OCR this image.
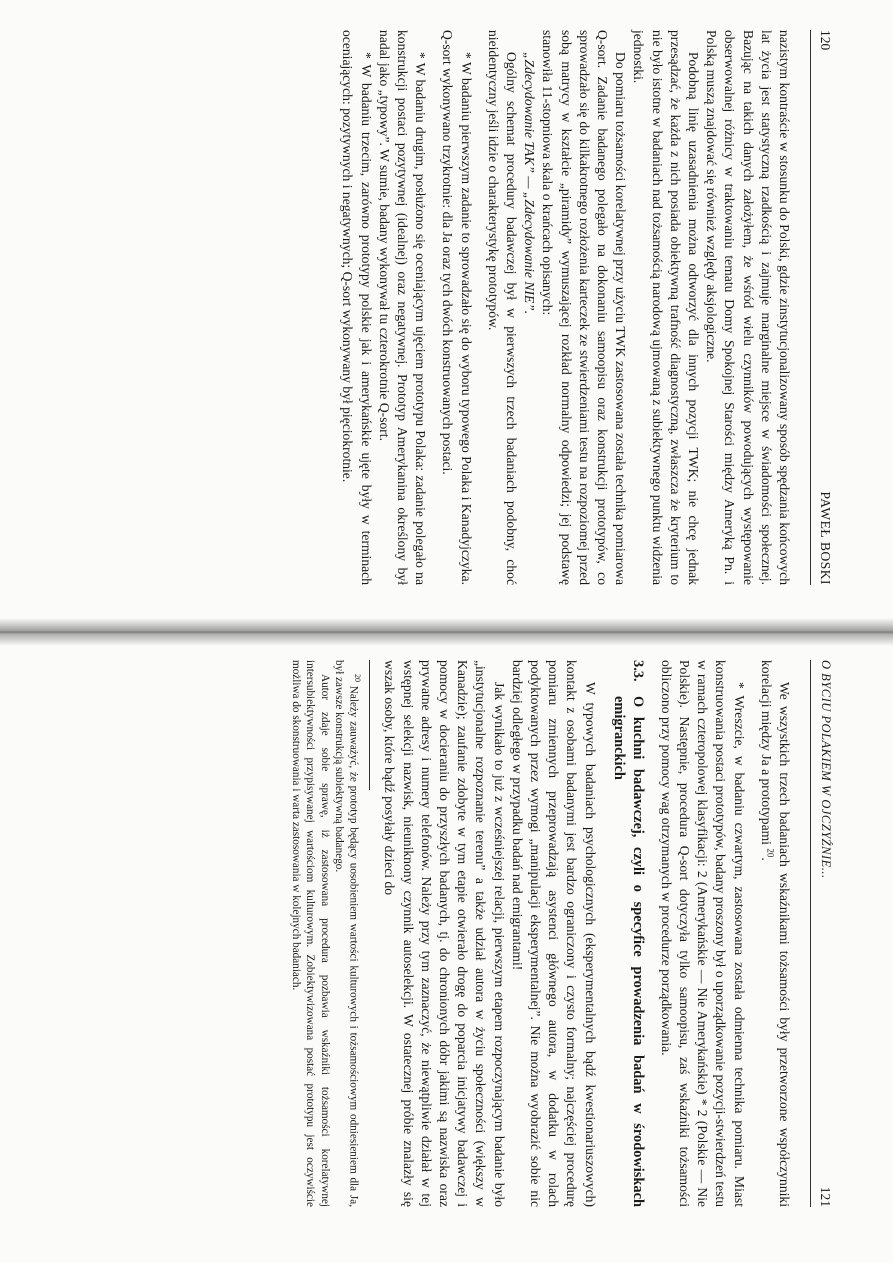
120
PAWEŁ BOSKI

nazistym kontraście w stosunku do Polski, gdzie zinstytucjonalizowany sposób spędzania końcowych lat życia jest statystyczną rzadkością i zajmuje marginalne miejsce w świadomości społecznej. Bazując na takich danych założyłem, że wśród wielu czynników powodujących występowanie obserwowalnej różnicy w traktowaniu tematu Domy Spokojnej Starości między Ameryką Pn. i Polską muszą znajdować się również względy aksjologiczne.

Podobną linię uzasadnienia można odtworzyć dla innych pozycji TWK; nie chcę jednak przesądzać, że każda z nich posiada obiektywną trafność diagnostyczną, zwłaszcza że kryterium to nie było istotne w badaniach nad tożsamością narodową ujmowaną z subiektywnego punktu widzenia jednostki.

Do pomiaru tożsamości korelatywnej przy użyciu TWK zastosowana została technika pomiarowa Q-sort. Zadanie badanego polegało na dokonaniu samoopisu oraz konstrukcji prototypów, co sprowadzało się do kilkakrotnego rozłożenia karteczek ze stwierdzeniami testu na rozpoziomej przed sobą matrycy w kształcie „piramidy” wymuszającej rozkład normalny odpowiedzi; jej podstawę stanowiła 11-stopniowa skala o krańcach opisanych:

„Zdecydowanie TAK” — „Zdecydowanie NIE”.

Ogólny schemat procedury badawczej był w pierwszych trzech badaniach podobny, choć nieidentyczny jeśli idzie o charakterystykę prototypów.

* W badaniu pierwszym zadanie to sprowadzało się do wyboru typowego Polaka i Kanadyjczyka. Q-sort wykonywano trzykrotnie: dla Ja oraz tych dwóch konstruowanych postaci.

* W badaniu drugim, posłużono się oceniającym ujęciem prototypu Polaka: zadanie polegało na konstrukcji postaci pozytywnej (idealnej) oraz negatywnej. Prototyp Amerykanina określony był nadal jako „typowy”. W sumie, badany wykonywał tu czterokrotnie Q-sort.

* W badaniu trzecim, zarówno prototypy polskie jak i amerykańskie ujęte były w terminach oceniających: pozytywnych i negatywnych; Q-sort wykonywany był pięciokrotnie.

O BYCIU POLAKIEM W OJCZYŹNIE...
121

We wszystkich trzech badaniach wskaźnikami tożsamości były przetworzone współczynniki korelacji między Ja a prototypami $^{20}$.

* Wreszcie, w badaniu czwartym, zastosowana została odmienna technika pomiaru. Miast konstruowania postaci prototypów, badany proszony był o uporządkowanie pozycji-stwierdzeń testu w ramach czteropolowej klasyfikacji: 2 (Amerykańskie — Nie Amerykańskie) * 2 (Polskie — Nie Polskie). Następnie, procedura Q-sort dotyczyła tylko samoopisu, zaś wskaźniki tożsamości obliczono przy pomocy wag otrzymanych w procedurze porządkowania.

3.3.O kuchni badawczej, czyli o specyfice prowadzenia badań w środowiskach emigranckich

W typowych badaniach psychologicznych (eksperymentalnych bądź kwestionariuszowych) kontakt z osobami badanymi jest bardzo ograniczony i czysto formalny; najczęściej procedurę pomiaru zmiennych przeprowadzają asystenci głównego autora, w dodatku w rolach podyktowanych przez wymogi „manipulacji eksperymentalnej”. Nie można wyobrazić sobie nic bardziej odległego w przypadku badań nad emigrantami!

Jak wynikało to już z wcześniejszej relacji, pierwszym etapem rozpoczynającym badanie było „instytucjonalne rozpoznanie terenu” a także udział autora w życiu społeczności (większy w Kanadzie); zaufanie zdobyte w tym etapie otwierało drogę do poparcia inicjatywy badawczej i pomocy w docieraniu do przyszłych badanych, tj. do chronionych dóbr jakimi są nazwiska oraz prywatne adresy i numery telefonów. Należy przy tym zaznaczyć, że niewątpliwie działał w tej wstępnej selekcji nazwisk, nieuniknony czynnik autoselekcji. W ostatecznej próbie znalazły się wszak osoby, które bądź posyłały dzieci do

$^{20}$ Należy zauważyć, że prototyp będący uosobieniem wartości kulturowych i tożsamościowym odniesieniem dla Ja, był zawsze konstrukcją subiektywną badanego.

Autor zdaje sobie sprawę, iż zastosowana procedura pozbawia wskaźniki tożsamości korelatywnej intersubiektywności przypisywanej wartościom kulturowym. Zobiektywizowana postać prototypu jest oczywiście możliwa do skonstruowania i warta zastosowania w kolejnych badaniach.
